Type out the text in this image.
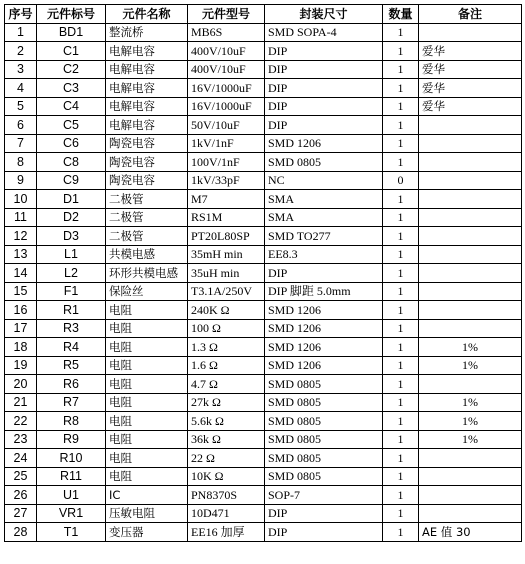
序号	元件标号	元件名称	元件型号	封装尺寸	数量	备注
1	BD1	整流桥	MB6S	SMD SOPA-4	1	
2	C1	电解电容	400V/10uF	DIP	1	爱华
3	C2	电解电容	400V/10uF	DIP	1	爱华
4	C3	电解电容	16V/1000uF	DIP	1	爱华
5	C4	电解电容	16V/1000uF	DIP	1	爱华
6	C5	电解电容	50V/10uF	DIP	1	
7	C6	陶瓷电容	1kV/1nF	SMD 1206	1	
8	C8	陶瓷电容	100V/1nF	SMD 0805	1	
9	C9	陶瓷电容	1kV/33pF	NC	0	
10	D1	二极管	M7	SMA	1	
11	D2	二极管	RS1M	SMA	1	
12	D3	二极管	PT20L80SP	SMD TO277	1	
13	L1	共模电感	35mH min	EE8.3	1	
14	L2	环形共模电感	35uH min	DIP	1	
15	F1	保险丝	T3.1A/250V	DIP 脚距 5.0mm	1	
16	R1	电阻	240K Ω	SMD 1206	1	
17	R3	电阻	100 Ω	SMD 1206	1	
18	R4	电阻	1.3 Ω	SMD 1206	1	1%
19	R5	电阻	1.6 Ω	SMD 1206	1	1%
20	R6	电阻	4.7 Ω	SMD 0805	1	
21	R7	电阻	27k Ω	SMD 0805	1	1%
22	R8	电阻	5.6k Ω	SMD 0805	1	1%
23	R9	电阻	36k Ω	SMD 0805	1	1%
24	R10	电阻	22 Ω	SMD 0805	1	
25	R11	电阻	10K Ω	SMD 0805	1	
26	U1	IC	PN8370S	SOP-7	1	
27	VR1	压敏电阻	10D471	DIP	1	
28	T1	变压器	EE16 加厚	DIP	1	AE 值 30
